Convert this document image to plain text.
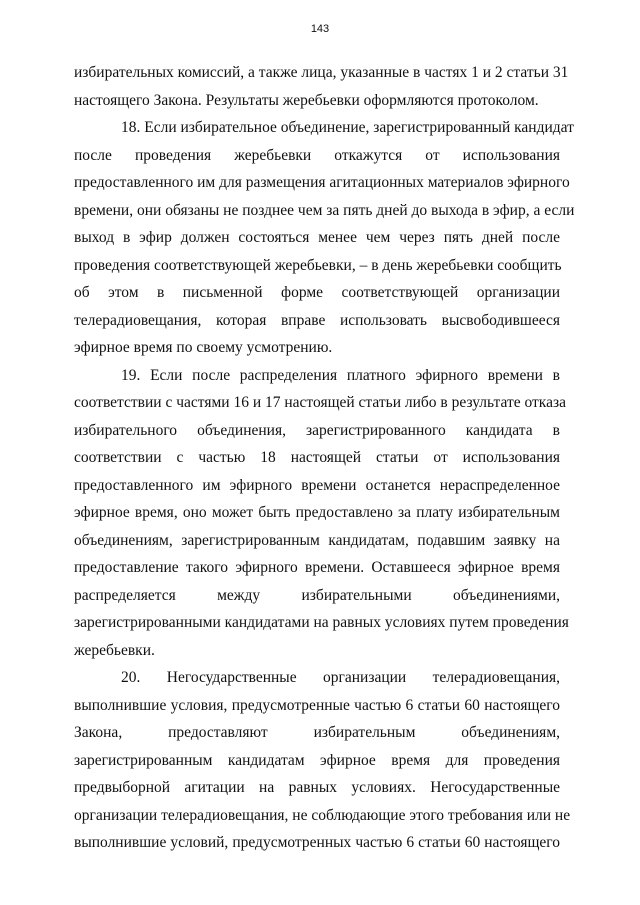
143
избирательных комиссий, а также лица, указанные в частях 1 и 2 статьи 31
настоящего Закона. Результаты жеребьевки оформляются протоколом.
18. Если избирательное объединение, зарегистрированный кандидат
после проведения жеребьевки откажутся от использования
предоставленного им для размещения агитационных материалов эфирного
времени, они обязаны не позднее чем за пять дней до выхода в эфир, а если
выход в эфир должен состояться менее чем через пять дней после
проведения соответствующей жеребьевки, – в день жеребьевки сообщить
об этом в письменной форме соответствующей организации
телерадиовещания, которая вправе использовать высвободившееся
эфирное время по своему усмотрению.
19. Если после распределения платного эфирного времени в
соответствии с частями 16 и 17 настоящей статьи либо в результате отказа
избирательного объединения, зарегистрированного кандидата в
соответствии с частью 18 настоящей статьи от использования
предоставленного им эфирного времени останется нераспределенное
эфирное время, оно может быть предоставлено за плату избирательным
объединениям, зарегистрированным кандидатам, подавшим заявку на
предоставление такого эфирного времени. Оставшееся эфирное время
распределяется между избирательными объединениями,
зарегистрированными кандидатами на равных условиях путем проведения
жеребьевки.
20. Негосударственные организации телерадиовещания,
выполнившие условия, предусмотренные частью 6 статьи 60 настоящего
Закона, предоставляют избирательным объединениям,
зарегистрированным кандидатам эфирное время для проведения
предвыборной агитации на равных условиях. Негосударственные
организации телерадиовещания, не соблюдающие этого требования или не
выполнившие условий, предусмотренных частью 6 статьи 60 настоящего
